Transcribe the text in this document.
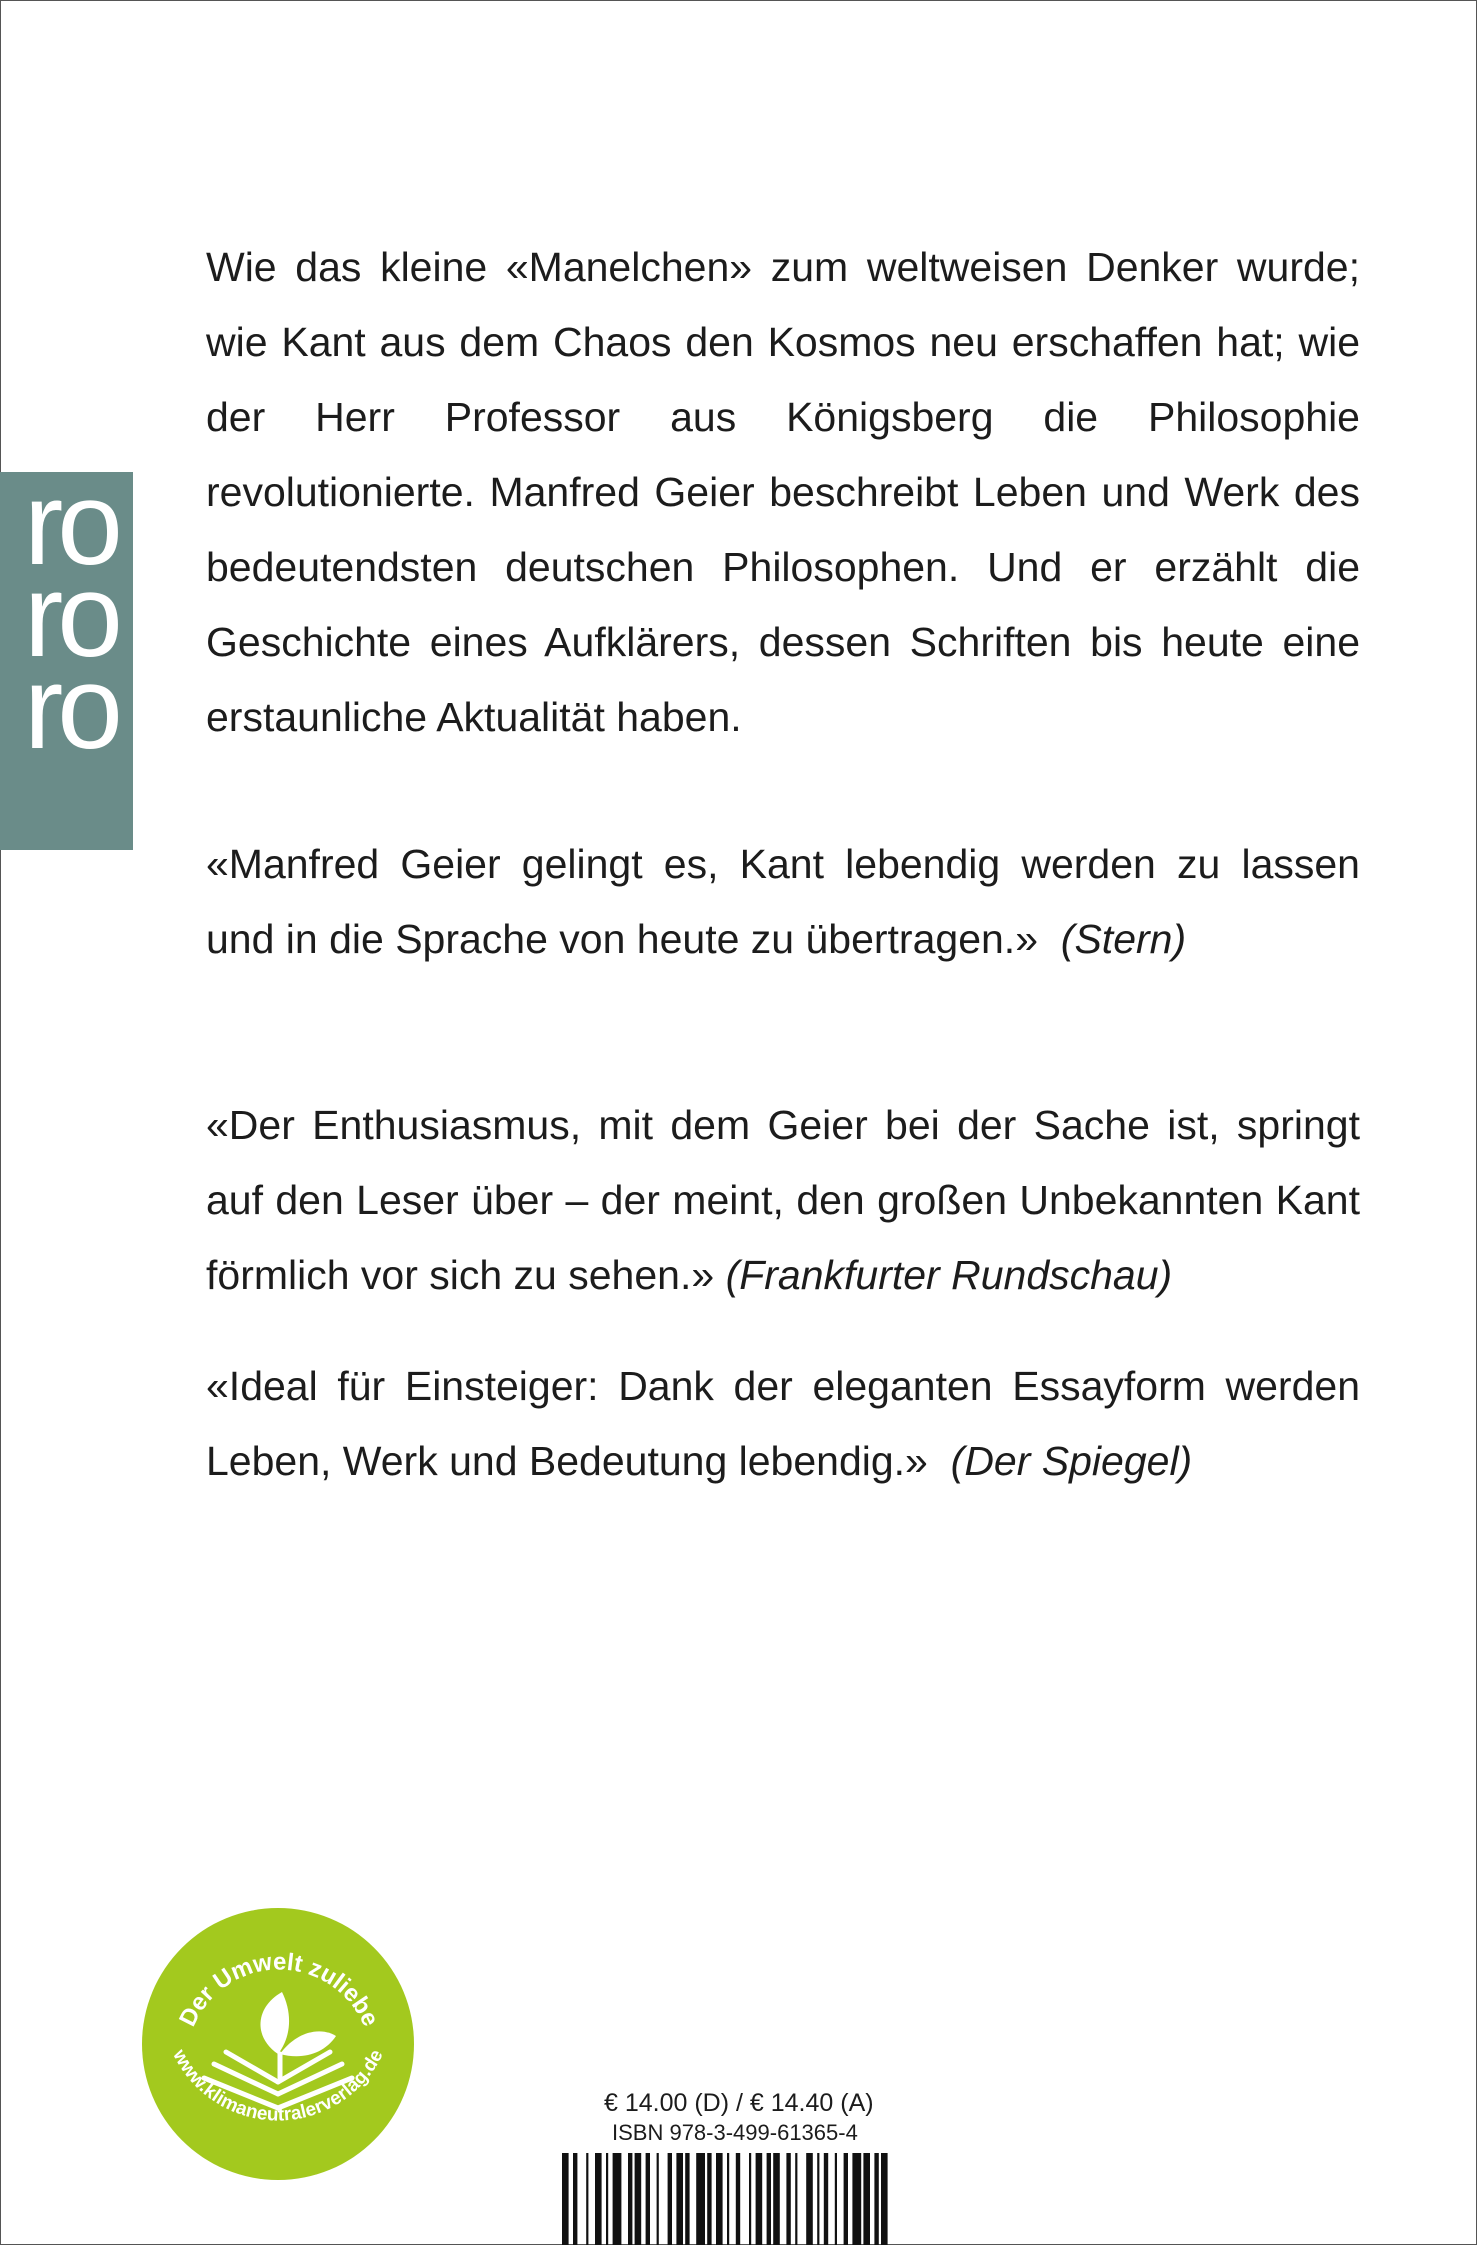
ro
ro
ro
Wie das kleine «Manelchen» zum weltweisen Denker wurde; wie Kant aus dem Chaos den Kosmos neu erschaffen hat; wie der Herr Professor aus Königsberg die Philosophie revolutionierte. Manfred Geier beschreibt Leben und Werk des bedeutendsten deutschen Philosophen. Und er erzählt die Geschichte eines Aufklärers, dessen Schriften bis heute eine erstaunliche Aktualität haben.
«Manfred Geier gelingt es, Kant lebendig werden zu lassen und in die Sprache von heute zu übertragen.» (Stern)
«Der Enthusiasmus, mit dem Geier bei der Sache ist, springt auf den Leser über – der meint, den großen Unbekannten Kant förmlich vor sich zu sehen.» (Frankfurter Rundschau)
«Ideal für Einsteiger: Dank der eleganten Essayform werden Leben, Werk und Bedeutung lebendig.» (Der Spiegel)
Der Umwelt zuliebe
www.klimaneutralerverlag.de
€ 14.00 (D) / € 14.40 (A)
ISBN 978-3-499-61365-4
